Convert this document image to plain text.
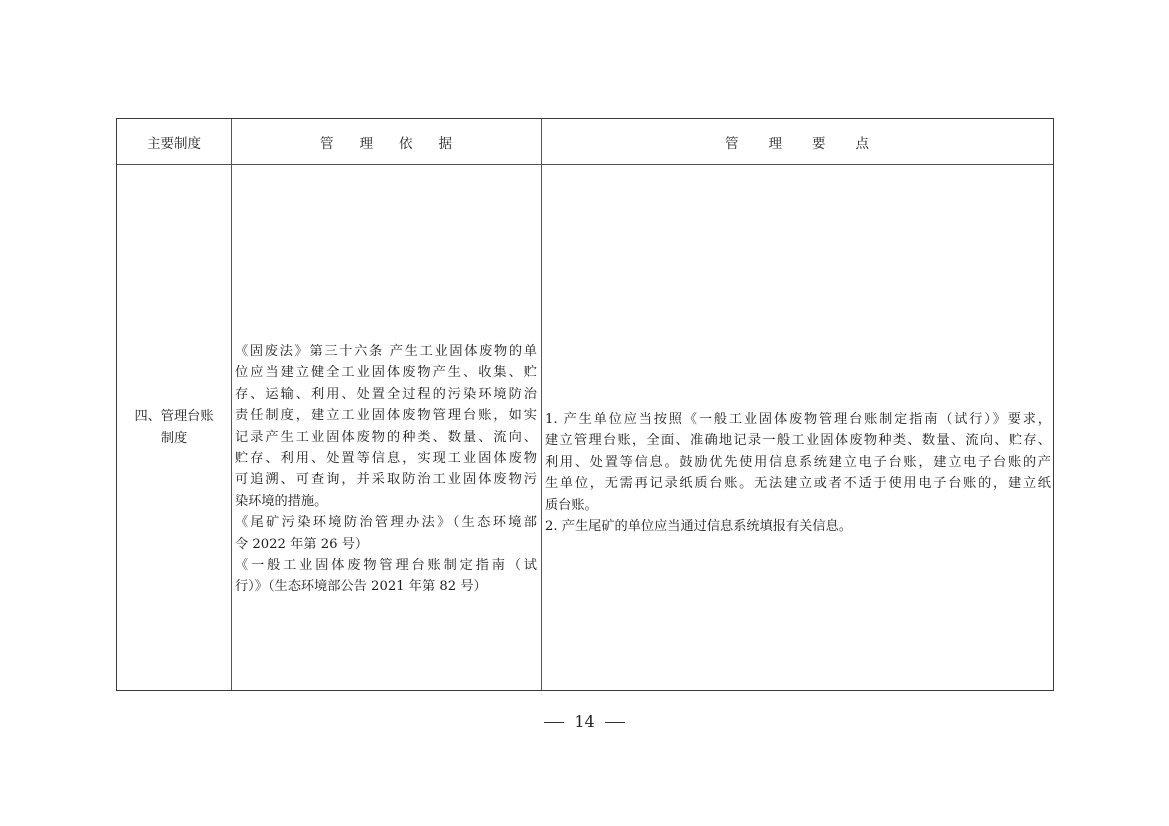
主要制度	管理依据	管理要点
四、管理台账
制度
《固废法》第三十六条 产生工业固体废物的单
位应当建立健全工业固体废物产生、收集、贮
存、运输、利用、处置全过程的污染环境防治
责任制度，建立工业固体废物管理台账，如实
记录产生工业固体废物的种类、数量、流向、
贮存、利用、处置等信息，实现工业固体废物
可追溯、可查询，并采取防治工业固体废物污
染环境的措施。
《尾矿污染环境防治管理办法》（生态环境部
令 2022 年第 26 号）
《一般工业固体废物管理台账制定指南（试
行）》（生态环境部公告 2021 年第 82 号）
1. 产生单位应当按照《一般工业固体废物管理台账制定指南（试行）》要求，
建立管理台账，全面、准确地记录一般工业固体废物种类、数量、流向、贮存、
利用、处置等信息。鼓励优先使用信息系统建立电子台账，建立电子台账的产
生单位，无需再记录纸质台账。无法建立或者不适于使用电子台账的，建立纸
质台账。
2. 产生尾矿的单位应当通过信息系统填报有关信息。
14
